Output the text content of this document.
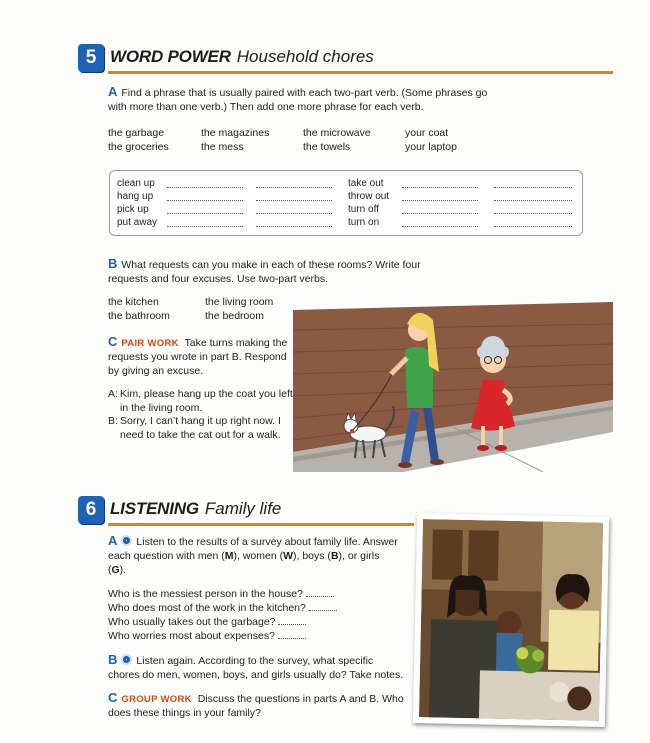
5 WORD POWER Household chores
A Find a phrase that is usually paired with each two-part verb. (Some phrases go with more than one verb.) Then add one more phrase for each verb.
the garbage
the groceries
the magazines
the mess
the microwave
the towels
your coat
your laptop
clean up
hang up
pick up
put away
take out
throw out
turn off
turn on
B What requests can you make in each of these rooms? Write four requests and four excuses. Use two-part verbs.
the kitchen
the bathroom
the living room
the bedroom
C PAIR WORK Take turns making the requests you wrote in part B. Respond by giving an excuse.
A: Kim, please hang up the coat you left in the living room.
B: Sorry, I can’t hang it up right now. I need to take the cat out for a walk.
6 LISTENING Family life
A Listen to the results of a survey about family life. Answer each question with men (M), women (W), boys (B), or girls (G).
Who is the messiest person in the house?
Who does most of the work in the kitchen?
Who usually takes out the garbage?
Who worries most about expenses?
B Listen again. According to the survey, what specific chores do men, women, boys, and girls usually do? Take notes.
C GROUP WORK Discuss the questions in parts A and B. Who does these things in your family?
